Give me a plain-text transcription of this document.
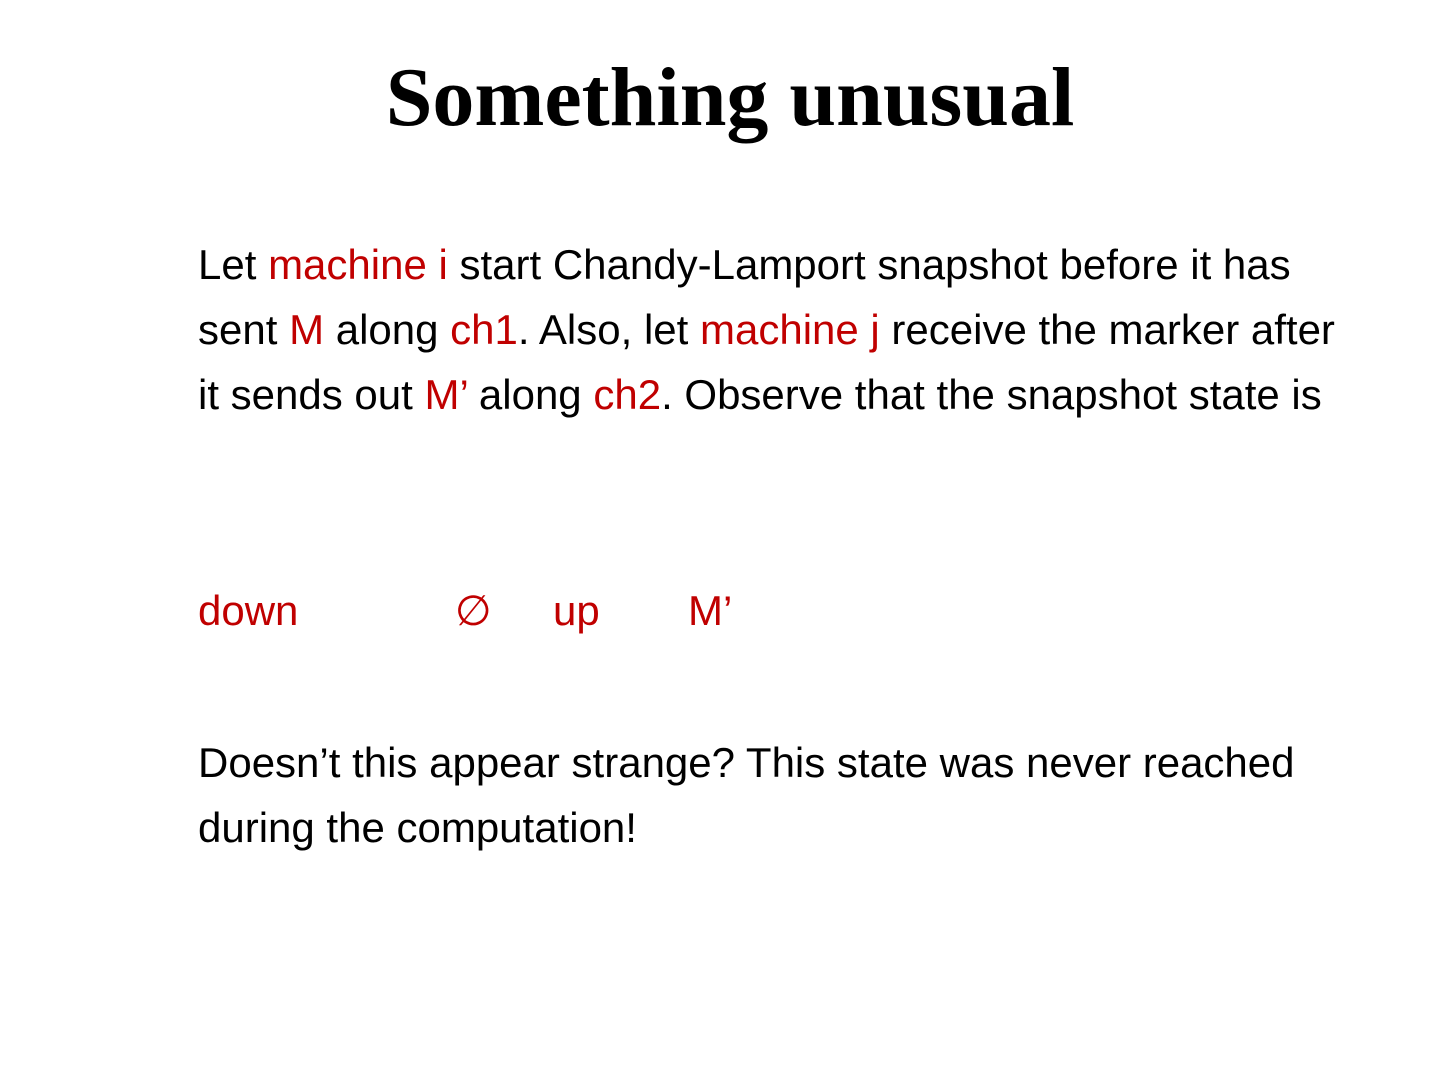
Something unusual

Let machine i start Chandy-Lamport snapshot before it has sent M along ch1. Also, let machine j receive the marker after it sends out M’ along ch2. Observe that the snapshot state is

down	∅ up M’

Doesn’t this appear strange? This state was never reached during the computation!
